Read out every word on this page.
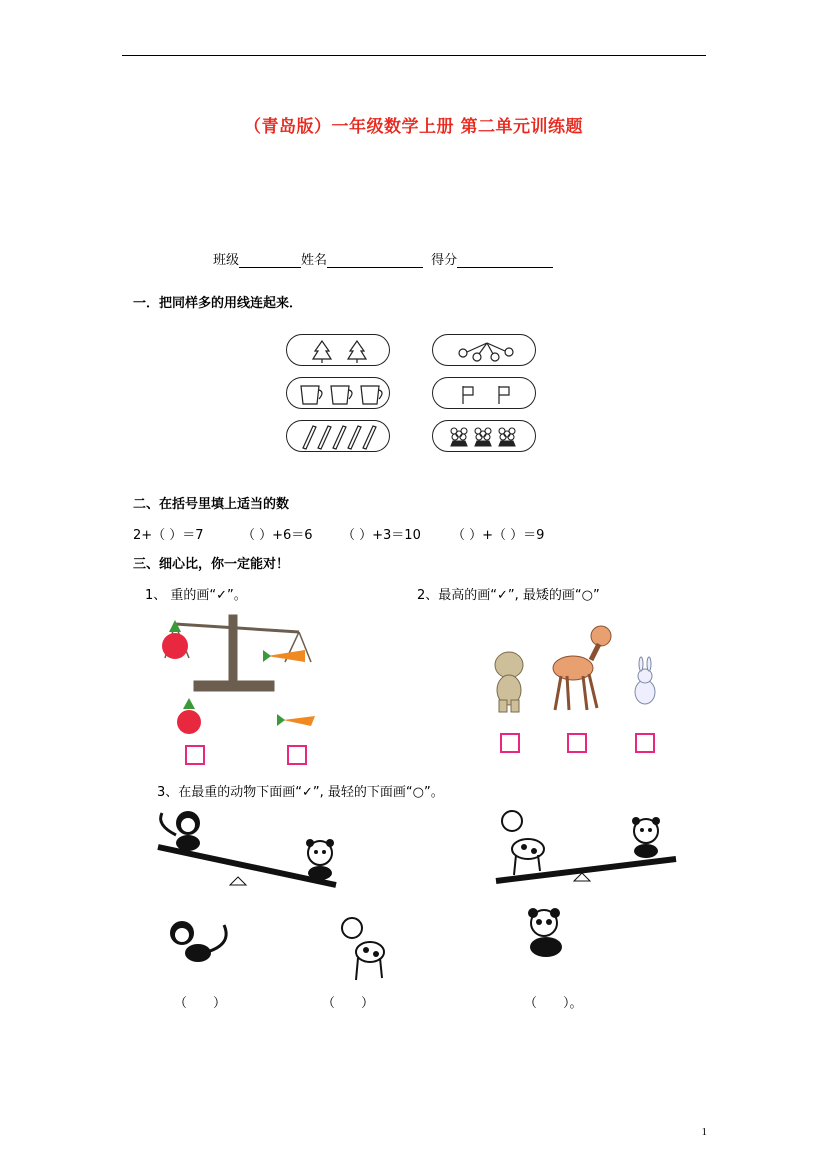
（青岛版）一年级数学上册 第二单元训练题
班级	姓名	得分
一．把同样多的用线连起来．
二、在括号里填上适当的数
2+（ ）＝7	（ ）+6＝6 （ ）+3＝10 （ ）+（ ）＝9
三、细心比，你一定能对！
1、 重的画“✓”。	2、最高的画“✓”, 最矮的画“○”
3、在最重的动物下面画“✓”, 最轻的下面画“○”。
（　　）	（　　）	（　　）。
1
